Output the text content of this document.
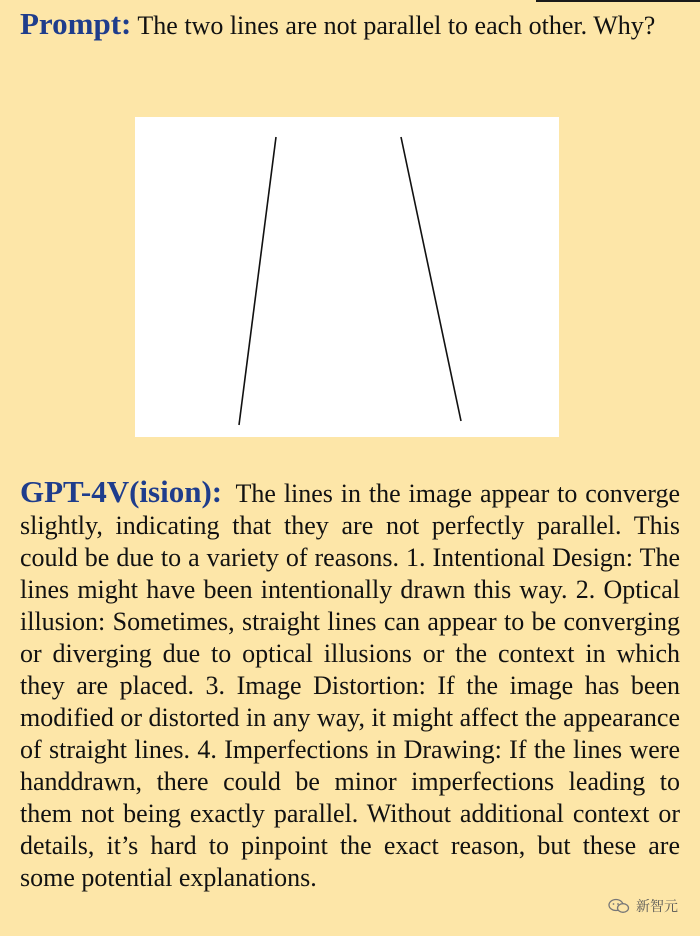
Prompt: The two lines are not parallel to each other. Why?
GPT-4V(ision): The lines in the image appear to converge slightly, indicating that they are not perfectly parallel. This could be due to a variety of reasons. 1. Intentional Design: The lines might have been intentionally drawn this way. 2. Optical illusion: Sometimes, straight lines can appear to be converging or diverging due to optical illusions or the context in which they are placed. 3. Image Distortion: If the image has been modified or distorted in any way, it might affect the appearance of straight lines. 4. Imperfections in Drawing: If the lines were handdrawn, there could be minor imperfections leading to them not being exactly parallel. Without additional context or details, it’s hard to pinpoint the exact reason, but these are some potential explanations.
新智元
